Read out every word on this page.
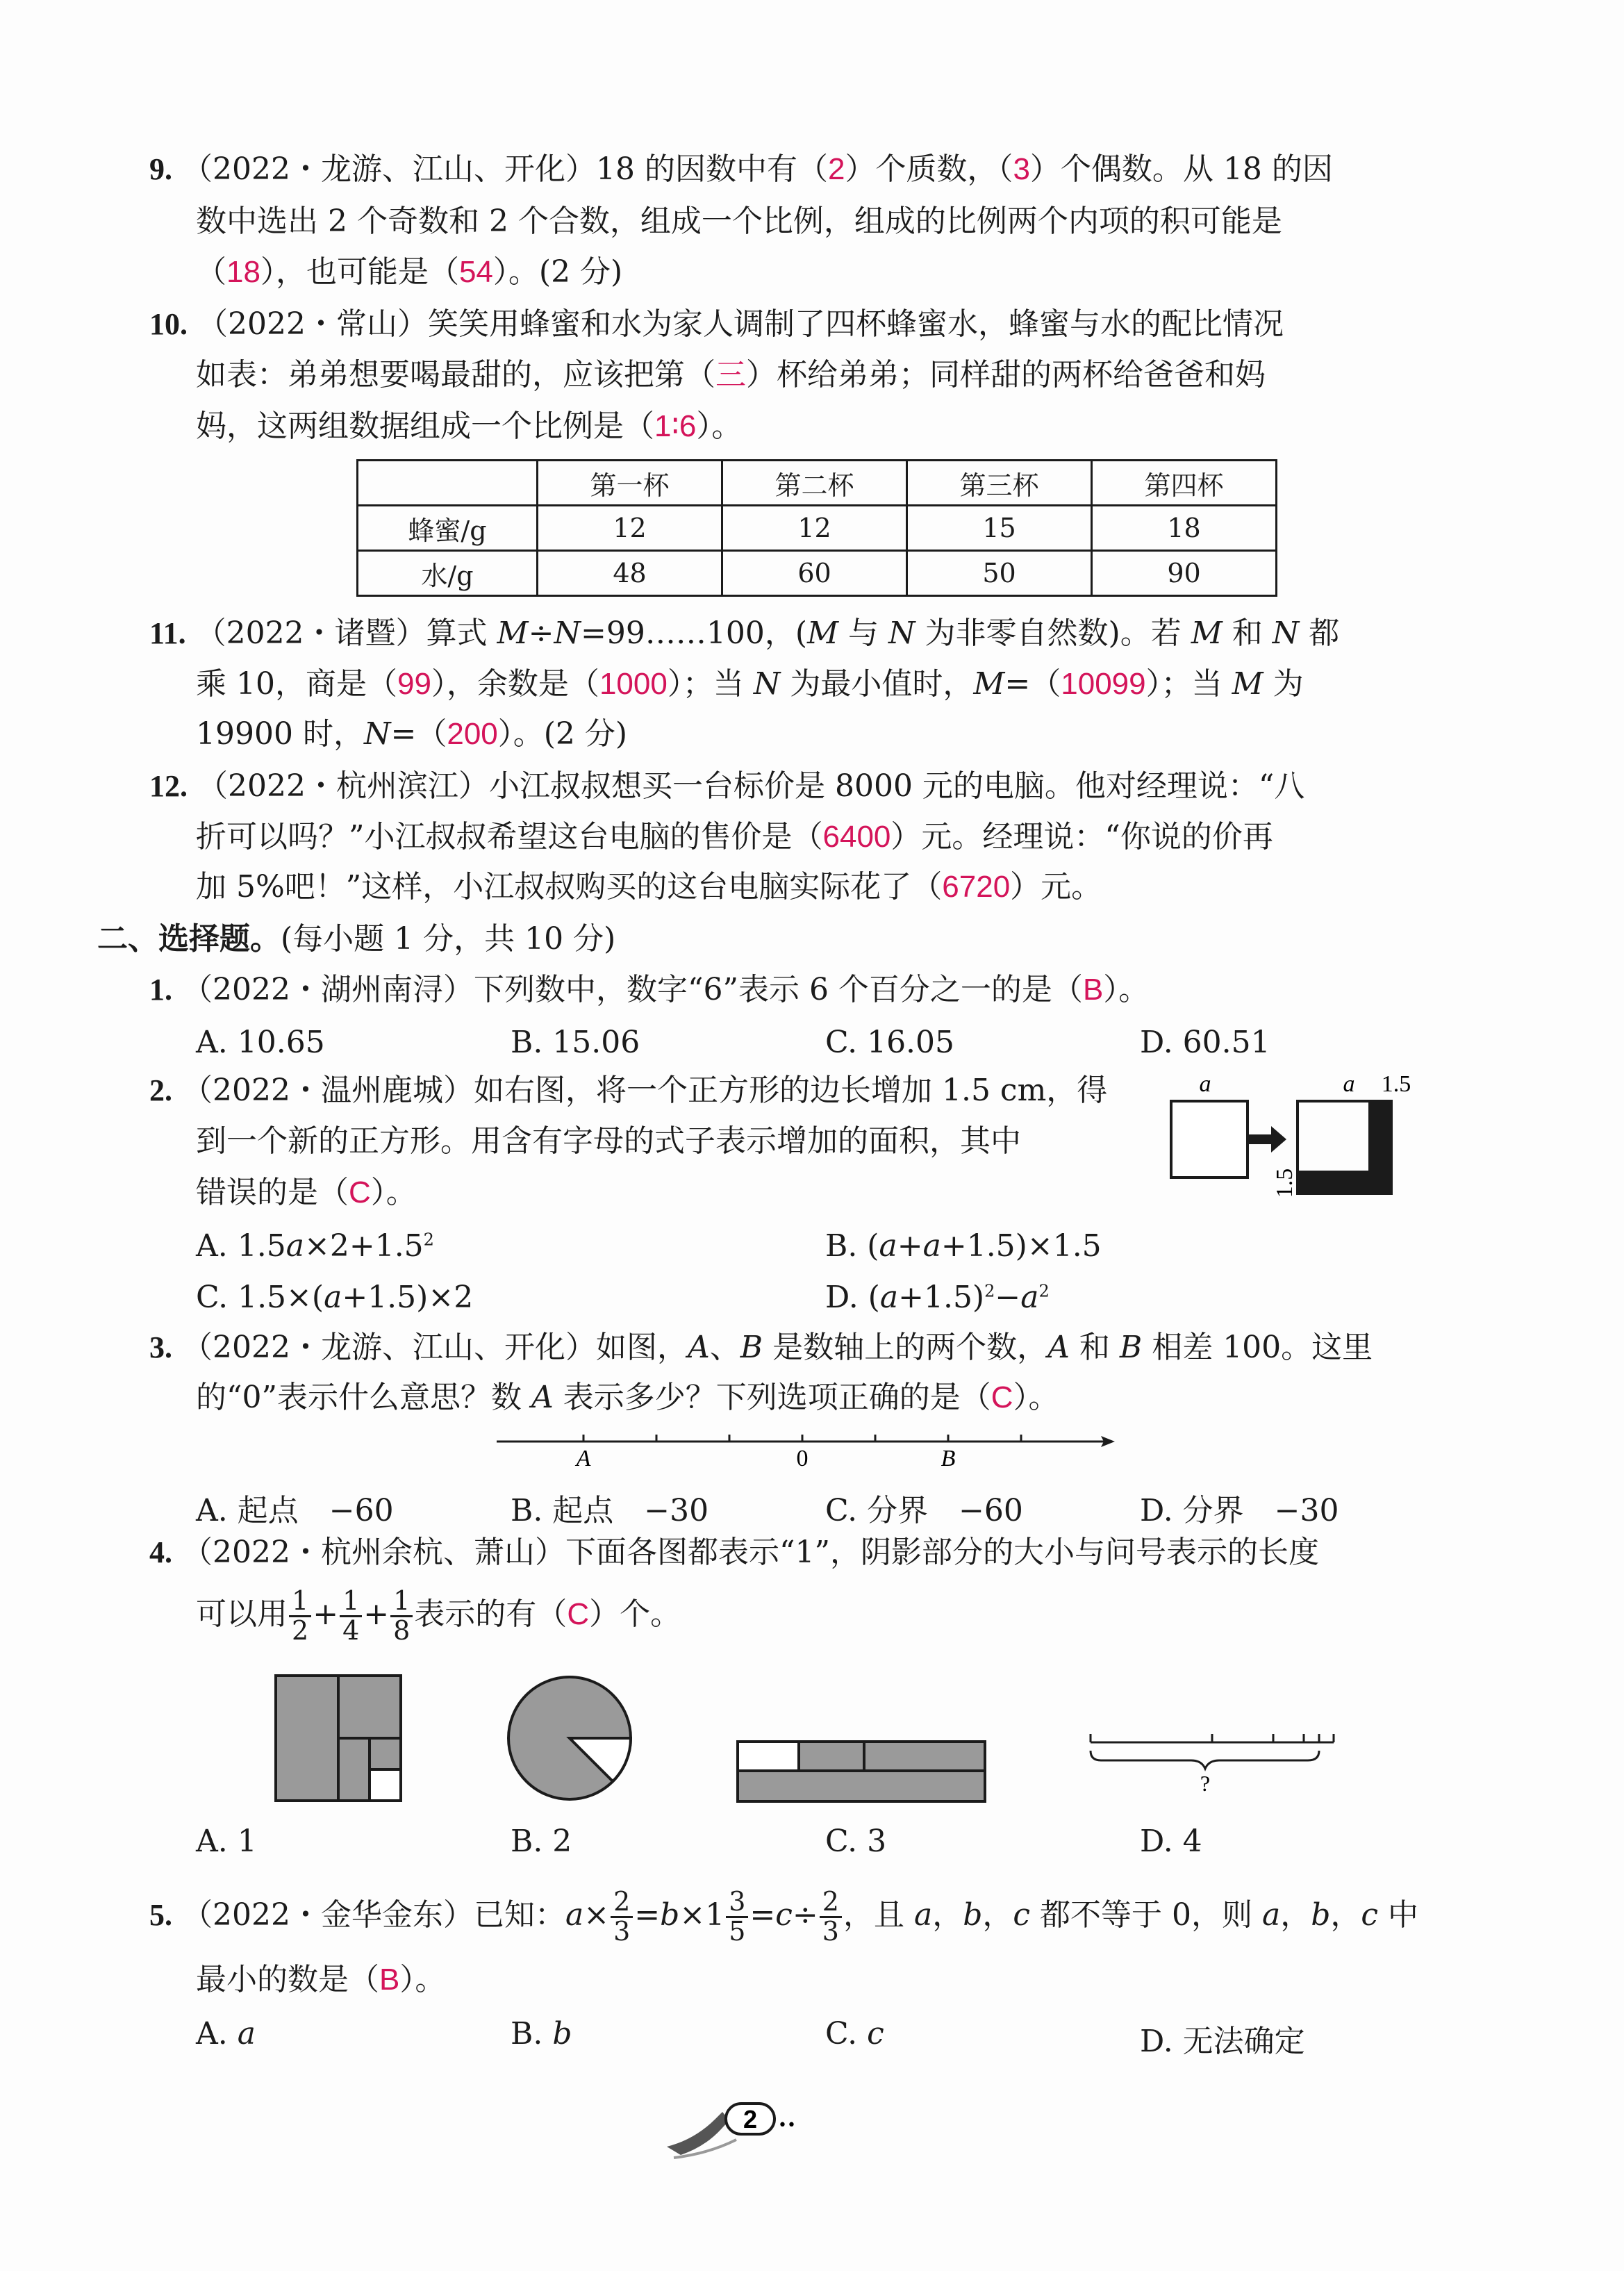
9. （2022・龙游、江山、开化）18 的因数中有（2）个质数，（3）个偶数。从 18 的因
数中选出 2 个奇数和 2 个合数，组成一个比例，组成的比例两个内项的积可能是
（18），也可能是（54）。(2 分)
10. （2022・常山）笑笑用蜂蜜和水为家人调制了四杯蜂蜜水，蜂蜜与水的配比情况
如表：弟弟想要喝最甜的，应该把第（三）杯给弟弟；同样甜的两杯给爸爸和妈
妈，这两组数据组成一个比例是（1∶6）。
	第一杯	第二杯	第三杯	第四杯
蜂蜜/g	12	12	15	18
水/g	48	60	50	90
11. （2022・诸暨）算式 M÷N=99……100，(M 与 N 为非零自然数)。若 M 和 N 都
乘 10，商是（99），余数是（1000）；当 N 为最小值时，M=（10099）；当 M 为
19900 时，N=（200）。(2 分)
12. （2022・杭州滨江）小江叔叔想买一台标价是 8000 元的电脑。他对经理说：“八
折可以吗？”小江叔叔希望这台电脑的售价是（6400）元。经理说：“你说的价再
加 5%吧！”这样，小江叔叔购买的这台电脑实际花了（6720）元。
二、选择题。(每小题 1 分，共 10 分)
1. （2022・湖州南浔）下列数中，数字“6”表示 6 个百分之一的是（B）。
A. 10.65	B. 15.06	C. 16.05	D. 60.51
2. （2022・温州鹿城）如右图，将一个正方形的边长增加 1.5 cm，得
到一个新的正方形。用含有字母的式子表示增加的面积，其中
错误的是（C）。
a	a 1.5
1.5
A. $1.5a\times 2+1.5^2$	B. (a+a+1.5)×1.5
C. 1.5×(a+1.5)×2	D. $(a+1.5)^2-a^2$
3. （2022・龙游、江山、开化）如图，A、B 是数轴上的两个数，A 和 B 相差 100。这里
的“0”表示什么意思？数 A 表示多少？下列选项正确的是（C）。
A	0	B
A. 起点　−60	B. 起点　−30	C. 分界　−60	D. 分界　−30
4. （2022・杭州余杭、萧山）下面各图都表示“1”，阴影部分的大小与问号表示的长度
可以用 $\frac{1}{2} + \frac{1}{4} + \frac{1}{8}$ 表示的有（C）个。
?
A. 1	B. 2	C. 3	D. 4
5. （2022・金华金东）已知：$a\times \frac{2}{3} =b\times 1 \frac{3}{5} =c\div \frac{2}{3}$ ，且 a，b，c 都不等于 0，则 a，b，c 中
最小的数是（B）。
A. a	B. b	C. c	D. 无法确定
2 ••
